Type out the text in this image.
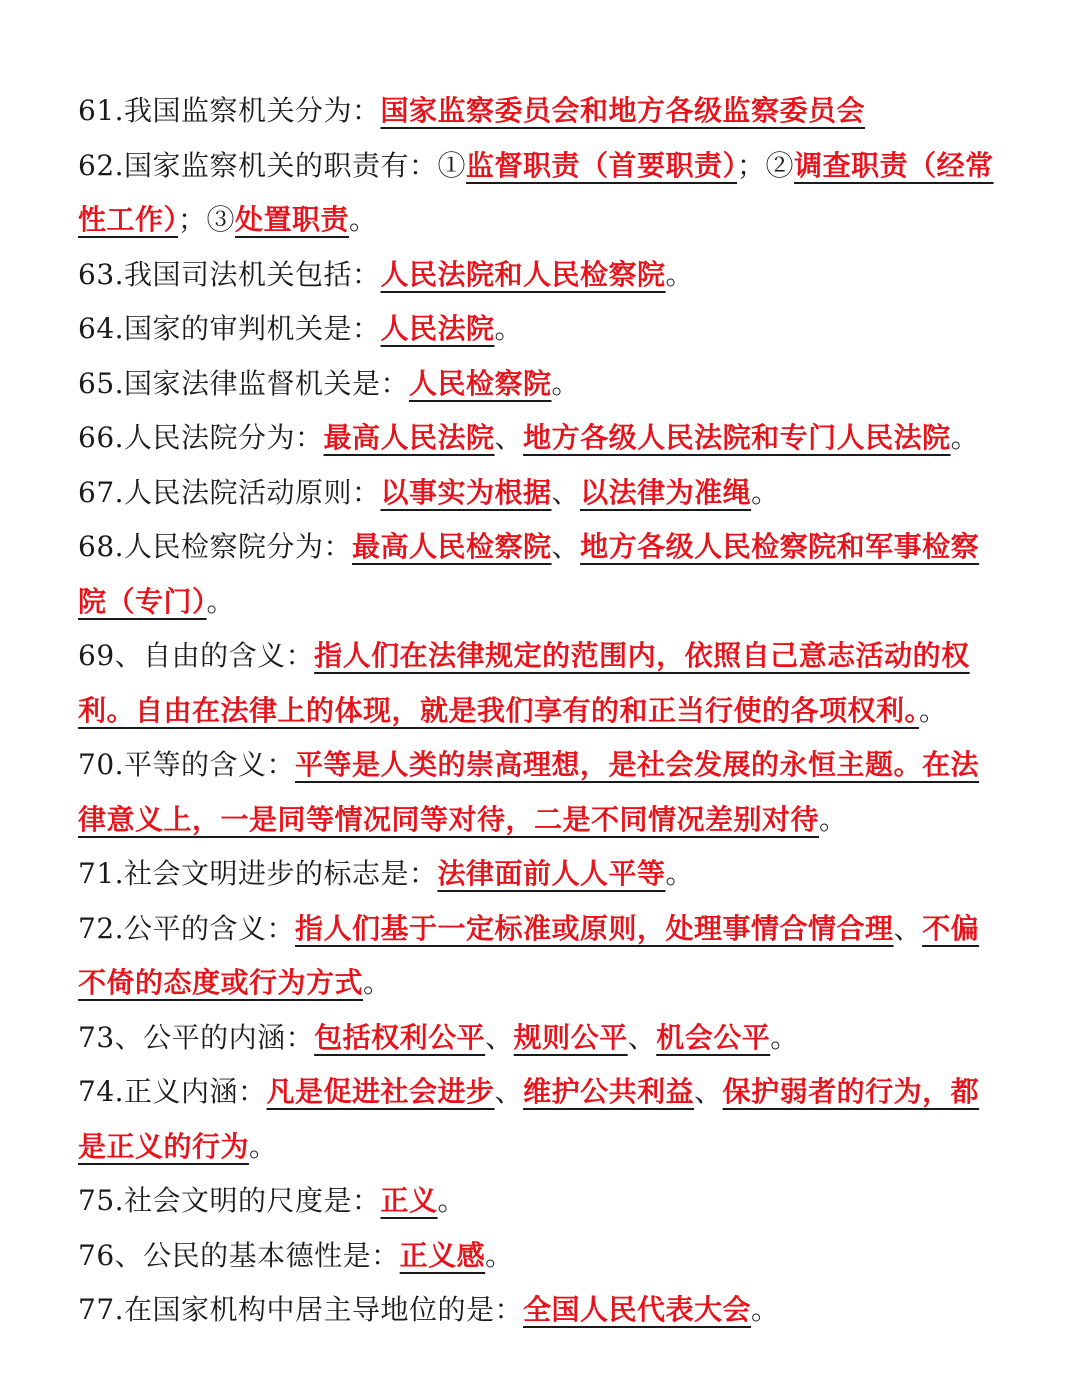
61.我国监察机关分为：国家监察委员会和地方各级监察委员会

62.国家监察机关的职责有：①监督职责（首要职责）；②调查职责（经常性工作）；③处置职责。

63.我国司法机关包括：人民法院和人民检察院。

64.国家的审判机关是：人民法院。

65.国家法律监督机关是：人民检察院。

66.人民法院分为：最高人民法院、地方各级人民法院和专门人民法院。

67.人民法院活动原则：以事实为根据、以法律为准绳。

68.人民检察院分为：最高人民检察院、地方各级人民检察院和军事检察院（专门）。

69、自由的含义：指人们在法律规定的范围内，依照自己意志活动的权利。自由在法律上的体现，就是我们享有的和正当行使的各项权利。。

70.平等的含义：平等是人类的崇高理想，是社会发展的永恒主题。在法律意义上，一是同等情况同等对待，二是不同情况差别对待。

71.社会文明进步的标志是：法律面前人人平等。

72.公平的含义：指人们基于一定标准或原则，处理事情合情合理、不偏不倚的态度或行为方式。

73、公平的内涵：包括权利公平、规则公平、机会公平。

74.正义内涵：凡是促进社会进步、维护公共利益、保护弱者的行为，都是正义的行为。

75.社会文明的尺度是：正义。

76、公民的基本德性是：正义感。

77.在国家机构中居主导地位的是：全国人民代表大会。
